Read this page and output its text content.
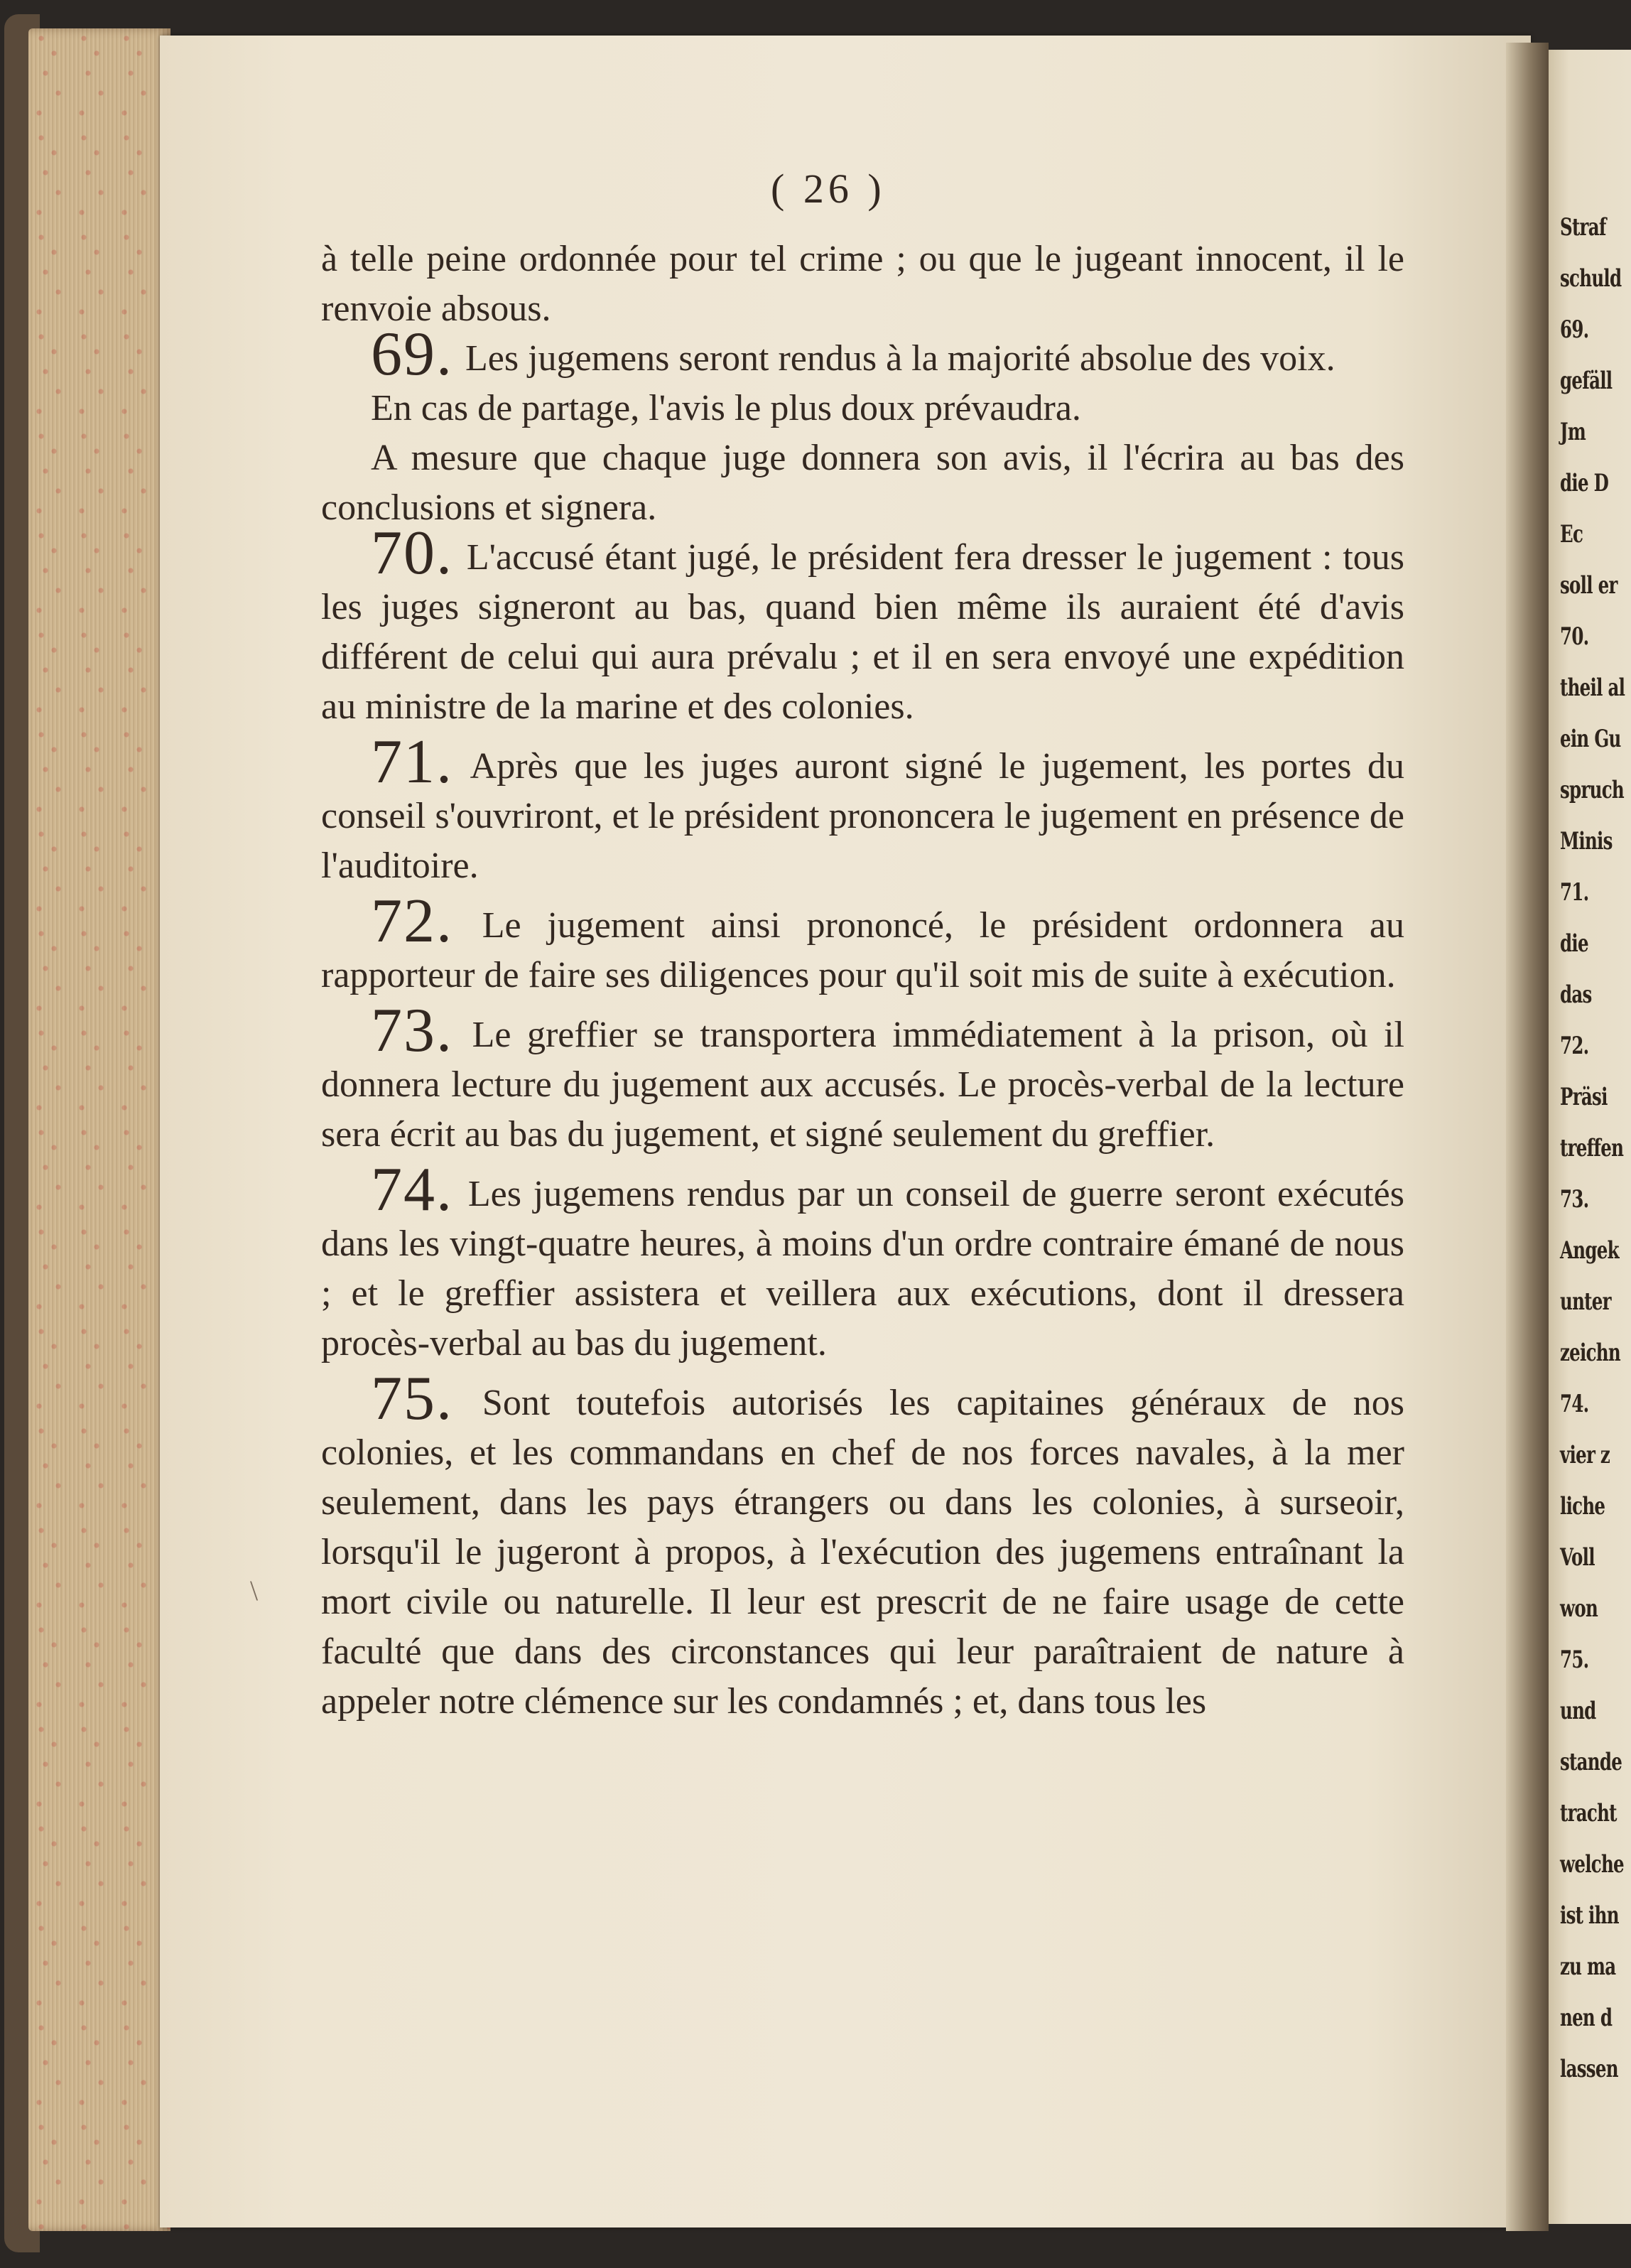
Straf
schuld
69.
gefäll
Jm
die D
Ec
soll er
70.
theil al
ein Gu
spruch
Minis
71.
die
das
72.
Präsi
treffen
73.
Angek
unter
zeichn
74.
vier z
liche
Voll
won
75.
und
stande
tracht
welche
ist ihn
zu ma
nen d
lassen
( 26 )
\

à telle peine ordonnée pour tel crime ; ou que le jugeant innocent, il le renvoie absous.

69. Les jugemens seront rendus à la majorité absolue des voix.

En cas de partage, l'avis le plus doux prévaudra.

A mesure que chaque juge donnera son avis, il l'écrira au bas des conclusions et signera.

70. L'accusé étant jugé, le président fera dresser le jugement : tous les juges signeront au bas, quand bien même ils auraient été d'avis différent de celui qui aura prévalu ; et il en sera envoyé une expédition au ministre de la marine et des colonies.

71. Après que les juges auront signé le jugement, les portes du conseil s'ouvriront, et le président prononcera le jugement en présence de l'auditoire.

72. Le jugement ainsi prononcé, le président ordonnera au rapporteur de faire ses diligences pour qu'il soit mis de suite à exécution.

73. Le greffier se transportera immédiatement à la prison, où il donnera lecture du jugement aux accusés. Le procès-verbal de la lecture sera écrit au bas du jugement, et signé seulement du greffier.

74. Les jugemens rendus par un conseil de guerre seront exécutés dans les vingt-quatre heures, à moins d'un ordre contraire émané de nous ; et le greffier assistera et veillera aux exécutions, dont il dressera procès-verbal au bas du jugement.

75. Sont toutefois autorisés les capitaines généraux de nos colonies, et les commandans en chef de nos forces navales, à la mer seulement, dans les pays étrangers ou dans les colonies, à surseoir, lorsqu'il le jugeront à propos, à l'exécution des jugemens entraînant la mort civile ou naturelle. Il leur est prescrit de ne faire usage de cette faculté que dans des circonstances qui leur paraîtraient de nature à appeler notre clémence sur les condamnés ; et, dans tous les
